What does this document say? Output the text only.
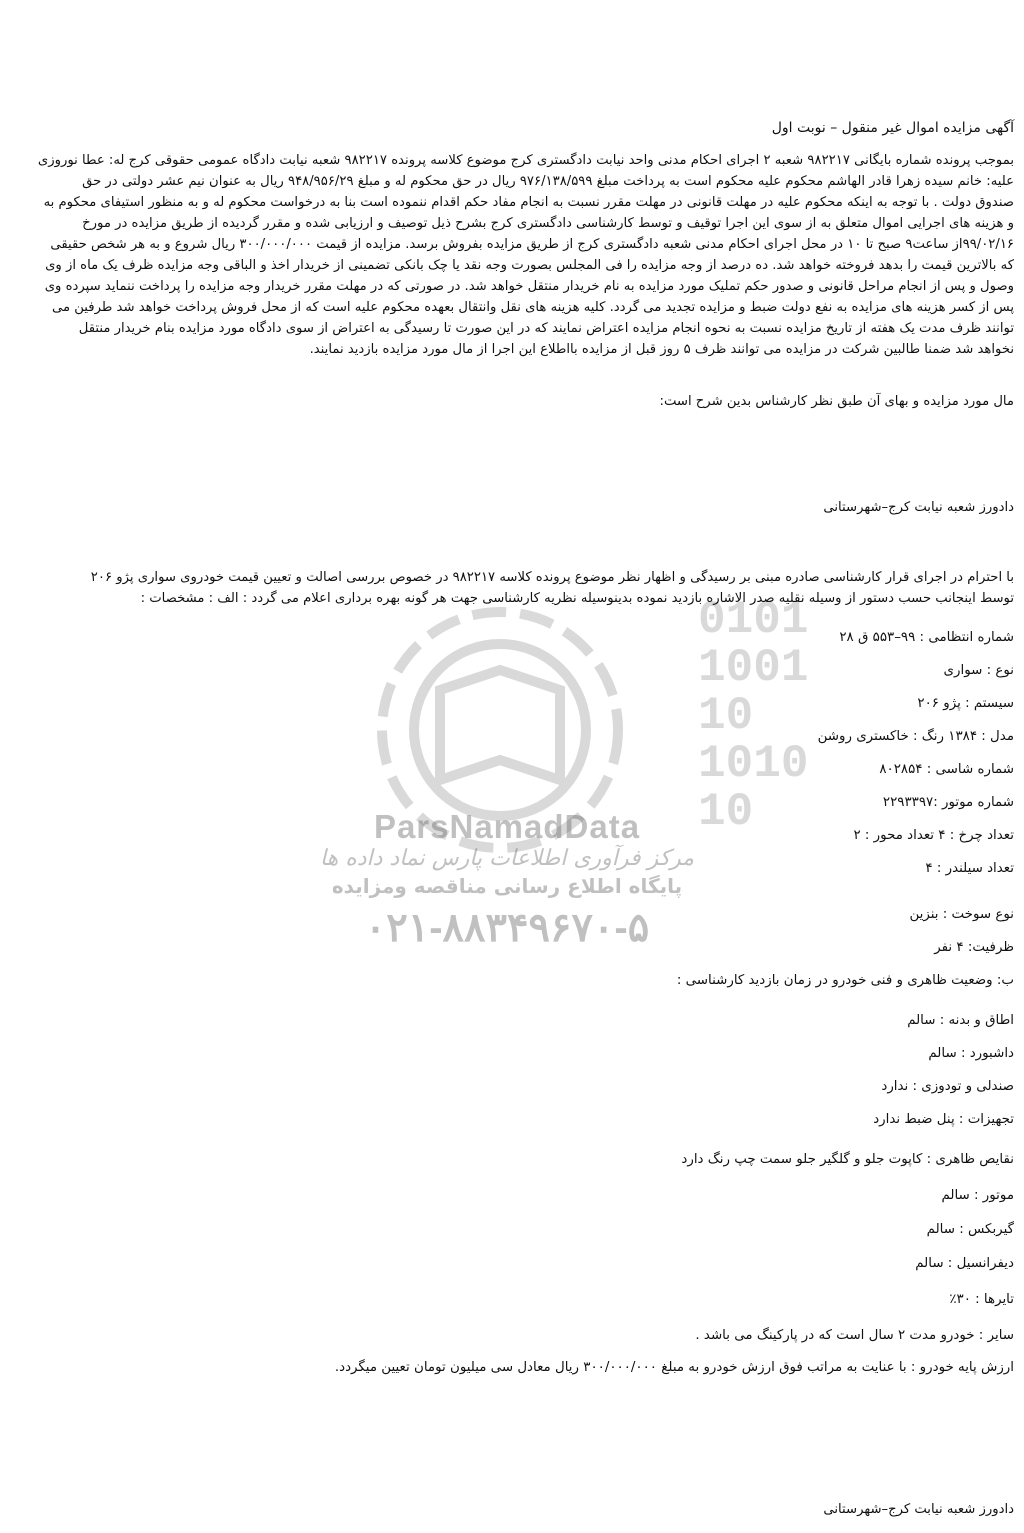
0101
1001
10
1010
10
ParsNamadData
مرکز فرآوری اطلاعات پارس نماد داده ها
پایگاه اطلاع رسانی مناقصه ومزایده
۰۲۱-۸۸۳۴۹۶۷۰-۵
آگهی مزایده اموال غیر منقول – نوبت اول

بموجب پرونده شماره بایگانی ۹۸۲۲۱۷ شعبه ۲ اجرای احکام مدنی واحد نیابت دادگستری کرج موضوع کلاسه پرونده ۹۸۲۲۱۷ شعبه نیابت دادگاه عمومی حقوقی کرج له: عطا نوروزی

علیه: خانم سیده زهرا قادر الهاشم محکوم علیه محکوم است به پرداخت مبلغ ۹۷۶/۱۳۸/۵۹۹ ریال در حق محکوم له و مبلغ ۹۴۸/۹۵۶/۲۹ ریال به عنوان نیم عشر دولتی در حق

صندوق دولت . با توجه به اینکه محکوم علیه در مهلت قانونی در مهلت مقرر نسبت به انجام مفاد حکم اقدام ننموده است بنا به درخواست محکوم له و به منظور استیفای محکوم به

و هزینه های اجرایی اموال متعلق به از سوی این اجرا توقیف و توسط کارشناسی دادگستری کرج بشرح ذیل توصیف و ارزیابی شده و مقرر گردیده از طریق مزایده در مورخ

۹۹/۰۲/۱۶از ساعت۹ صبح تا ۱۰ در محل اجرای احکام مدنی شعبه دادگستری کرج از طریق مزایده بفروش برسد. مزایده از قیمت ۳۰۰/۰۰۰/۰۰۰ ریال شروع و به هر شخص حقیقی

که بالاترین قیمت را بدهد فروخته خواهد شد. ده درصد از وجه مزایده را فی المجلس بصورت وجه نقد یا چک بانکی تضمینی از خریدار اخذ و الباقی وجه مزایده ظرف یک ماه از وی

وصول و پس از انجام مراحل قانونی و صدور حکم تملیک مورد مزایده به نام خریدار منتقل خواهد شد. در صورتی که در مهلت مقرر خریدار وجه مزایده را پرداخت ننماید سپرده وی

پس از کسر هزینه های مزایده به نفع دولت ضبط و مزایده تجدید می گردد. کلیه هزینه های نقل وانتقال بعهده محکوم علیه است که از محل فروش پرداخت خواهد شد طرفین می

توانند ظرف مدت یک هفته از تاریخ مزایده نسبت به نحوه انجام مزایده اعتراض نمایند که در این صورت تا رسیدگی به اعتراض از سوی دادگاه مورد مزایده بنام خریدار منتقل

نخواهد شد ضمنا طالبین شرکت در مزایده می توانند ظرف ۵ روز قبل از مزایده بااطلاع این اجرا از مال مورد مزایده بازدید نمایند.

مال مورد مزایده و بهای آن طبق نظر کارشناس بدین شرح است:
دادورز شعبه نیابت کرج–شهرستانی

با احترام در اجرای قرار کارشناسی صادره مبنی بر رسیدگی و اظهار نظر موضوع پرونده کلاسه ۹۸۲۲۱۷ در خصوص بررسی اصالت و تعیین قیمت خودروی سواری پژو ۲۰۶

توسط اینجانب حسب دستور از وسیله نقلیه صدر الاشاره بازدید نموده بدینوسیله نظریه کارشناسی جهت هر گونه بهره برداری اعلام می گردد : الف : مشخصات :

شماره انتظامی : ۹۹–۵۵۳ ق ۲۸
نوع : سواری
سیستم : پژو ۲۰۶
مدل : ۱۳۸۴ رنگ : خاکستری روشن
شماره شاسی : ۸۰۲۸۵۴
شماره موتور :۲۲۹۳۳۹۷
تعداد چرخ : ۴ تعداد محور : ۲
تعداد سیلندر : ۴
نوع سوخت : بنزین
ظرفیت: ۴ نفر
ب: وضعیت ظاهری و فنی خودرو در زمان بازدید کارشناسی :
اطاق و بدنه : سالم
داشبورد : سالم
صندلی و تودوزی : ندارد
تجهیزات : پنل ضبط ندارد
نقایص ظاهری : کاپوت جلو و گلگیر جلو سمت چپ رنگ دارد
موتور : سالم
گیربکس : سالم
دیفرانسیل : سالم
تایرها : ۳۰٪
سایر : خودرو مدت ۲ سال است که در پارکینگ می باشد .
ارزش پایه خودرو : با عنایت به مراتب فوق ارزش خودرو به مبلغ ۳۰۰/۰۰۰/۰۰۰ ریال معادل سی میلیون تومان تعیین میگردد.
دادورز شعبه نیابت کرج–شهرستانی
